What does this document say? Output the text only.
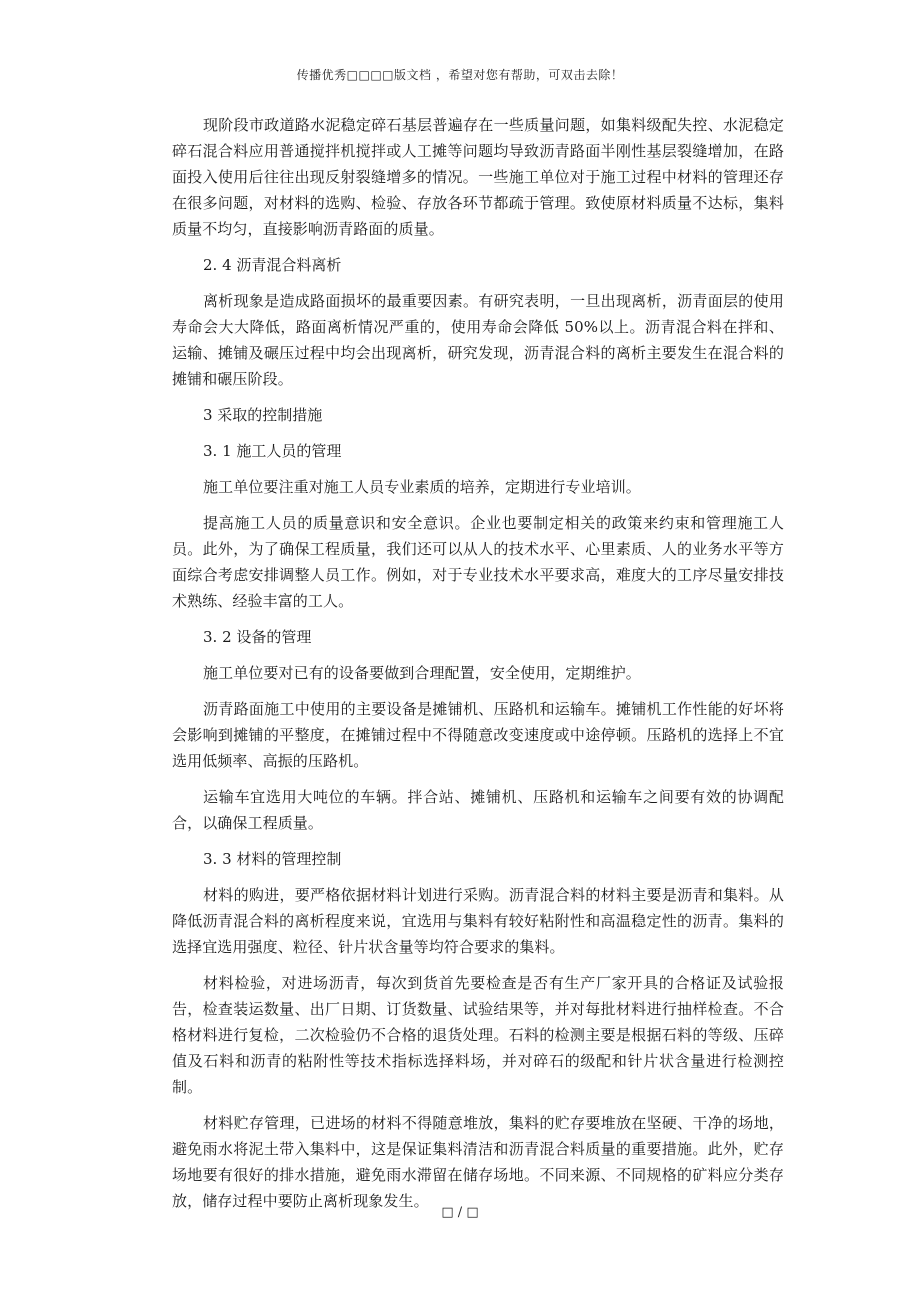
传播优秀□□□□版文档 ，希望对您有帮助，可双击去除！

现阶段市政道路水泥稳定碎石基层普遍存在一些质量问题，如集料级配失控、水泥稳定碎石混合料应用普通搅拌机搅拌或人工摊等问题均导致沥青路面半刚性基层裂缝增加，在路面投入使用后往往出现反射裂缝增多的情况。一些施工单位对于施工过程中材料的管理还存在很多问题，对材料的选购、检验、存放各环节都疏于管理。致使原材料质量不达标，集料质量不均匀，直接影响沥青路面的质量。

2. 4 沥青混合料离析

离析现象是造成路面损坏的最重要因素。有研究表明，一旦出现离析，沥青面层的使用寿命会大大降低，路面离析情况严重的，使用寿命会降低 50%以上。沥青混合料在拌和、运输、摊铺及碾压过程中均会出现离析，研究发现，沥青混合料的离析主要发生在混合料的摊铺和碾压阶段。

3 采取的控制措施

3. 1 施工人员的管理

施工单位要注重对施工人员专业素质的培养，定期进行专业培训。

提高施工人员的质量意识和安全意识。企业也要制定相关的政策来约束和管理施工人员。此外，为了确保工程质量，我们还可以从人的技术水平、心里素质、人的业务水平等方面综合考虑安排调整人员工作。例如，对于专业技术水平要求高，难度大的工序尽量安排技术熟练、经验丰富的工人。

3. 2 设备的管理

施工单位要对已有的设备要做到合理配置，安全使用，定期维护。

沥青路面施工中使用的主要设备是摊铺机、压路机和运输车。摊铺机工作性能的好坏将会影响到摊铺的平整度，在摊铺过程中不得随意改变速度或中途停顿。压路机的选择上不宜选用低频率、高振的压路机。

运输车宜选用大吨位的车辆。拌合站、摊铺机、压路机和运输车之间要有效的协调配合，以确保工程质量。

3. 3 材料的管理控制

材料的购进，要严格依据材料计划进行采购。沥青混合料的材料主要是沥青和集料。从降低沥青混合料的离析程度来说，宜选用与集料有较好粘附性和高温稳定性的沥青。集料的选择宜选用强度、粒径、针片状含量等均符合要求的集料。

材料检验，对进场沥青，每次到货首先要检查是否有生产厂家开具的合格证及试验报告，检查装运数量、出厂日期、订货数量、试验结果等，并对每批材料进行抽样检查。不合格材料进行复检，二次检验仍不合格的退货处理。石料的检测主要是根据石料的等级、压碎值及石料和沥青的粘附性等技术指标选择料场，并对碎石的级配和针片状含量进行检测控制。

材料贮存管理，已进场的材料不得随意堆放，集料的贮存要堆放在坚硬、干净的场地，避免雨水将泥土带入集料中，这是保证集料清洁和沥青混合料质量的重要措施。此外，贮存场地要有很好的排水措施，避免雨水滞留在储存场地。不同来源、不同规格的矿料应分类存放，储存过程中要防止离析现象发生。

□ / □
